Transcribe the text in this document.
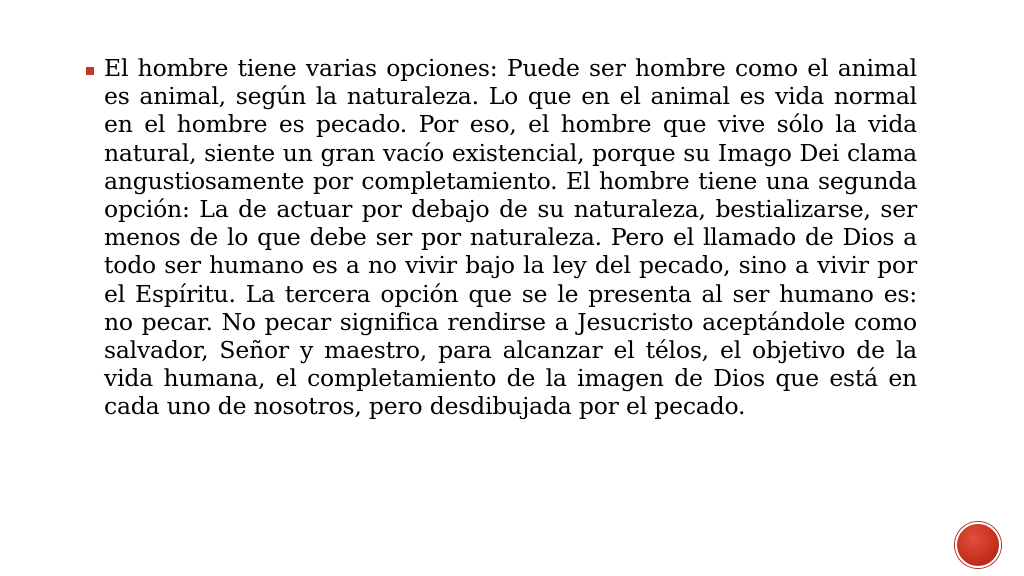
El hombre tiene varias opciones: Puede ser hombre como el animal es animal, según la naturaleza. Lo que en el animal es vida normal en el hombre es pecado. Por eso, el hombre que vive sólo la vida natural, siente un gran vacío existencial, porque su Imago Dei clama angustiosamente por completamiento. El hombre tiene una segunda opción: La de actuar por debajo de su naturaleza, bestializarse, ser menos de lo que debe ser por naturaleza. Pero el llamado de Dios a todo ser humano es a no vivir bajo la ley del pecado, sino a vivir por el Espíritu. La tercera opción que se le presenta al ser humano es: no pecar. No pecar significa rendirse a Jesucristo aceptándole como salvador, Señor y maestro, para alcanzar el télos, el objetivo de la vida humana, el completamiento de la imagen de Dios que está en cada uno de nosotros, pero desdibujada por el pecado.
